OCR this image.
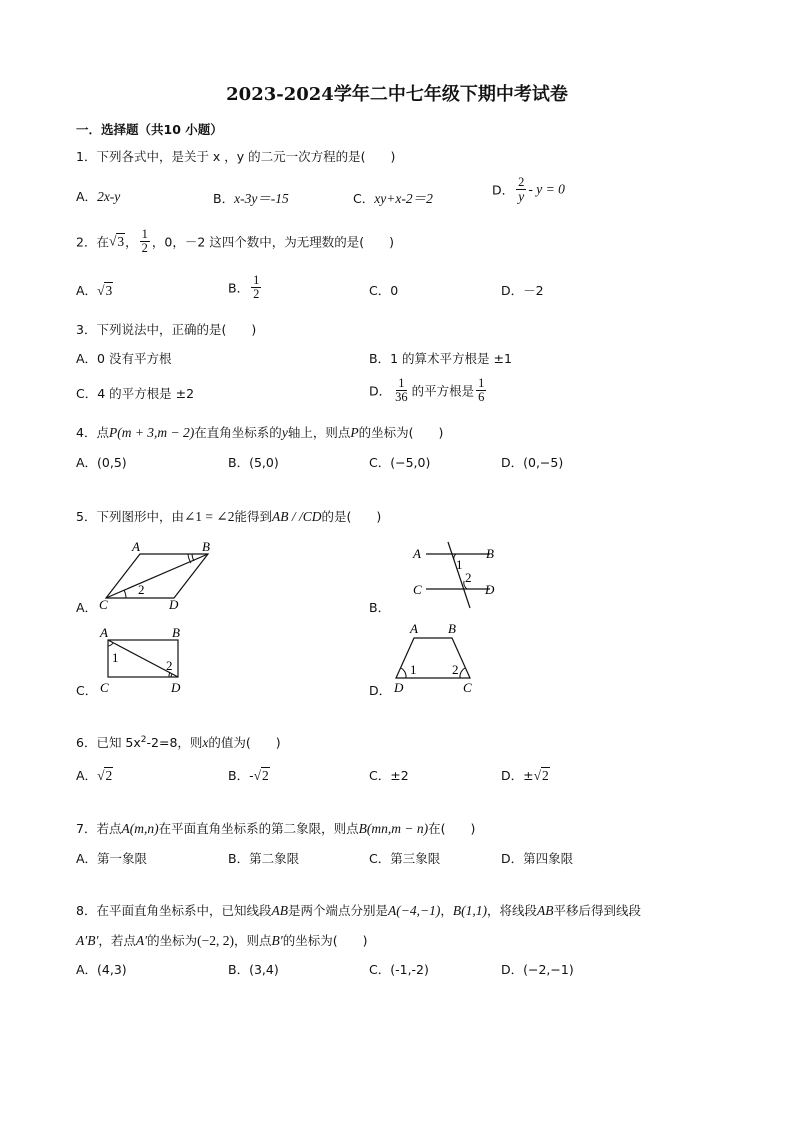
2023-2024学年二中七年级下期中考试卷
一．选择题（共10 小题）
1．下列各式中，是关于 x ，y 的二元一次方程的是(　　)
A．2x-y	B．x-3y＝-15	C．xy+x-2＝2
D． $\frac{2}{y} - y = 0$
2．在√3， $\frac{1}{2}$ ，0，－2 这四个数中，为无理数的是(　　)
A．√3	B． $\frac{1}{2}$	C．0	D．－2
3．下列说法中，正确的是(　　)
A．0 没有平方根	B．1 的算术平方根是 ±1
C．4 的平方根是 ±2	D． $\frac{1}{36}$ 的平方根是 $\frac{1}{6}$
4．点P(m + 3,m − 2)在直角坐标系的y轴上，则点P的坐标为(　　)
A．(0,5)	B．(5,0)	C．(−5,0)	D．(0,−5)
5．下列图形中，由∠1 = ∠2能得到AB / /CD的是(　　)
A．
A	B
C	D
2
B．
A	B
C	D
1
2
C．
A	B
C	D
1
2
D．
A B
D	C
1	2
6．已知 $5x^2-2=8$，则x的值为(　　)
A．√2	B．-√2	C．±2	D．±√2
7．若点A(m,n)在平面直角坐标系的第二象限，则点B(mn,m − n)在(　　)
A．第一象限	B．第二象限	C．第三象限	D．第四象限
8．在平面直角坐标系中，已知线段AB是两个端点分别是A(−4,−1)，B(1,1)，将线段AB平移后得到线段
A′B′，若点A′的坐标为(−2, 2)，则点B′的坐标为(　　)
A．(4,3)	B．(3,4)	C．(-1,-2)	D．(−2,−1)
